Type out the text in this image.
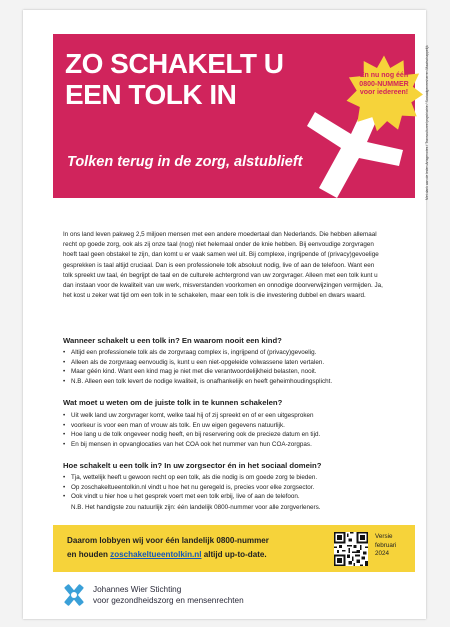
ZO SCHAKELT U
EEN TOLK IN
Tolken terug in de zorg, alstublieft
En nu nog één
0800-NUMMER
voor iedereen!	Met dank aan de leden Artsgenotes / Transcultureel psychiatrie / Sociaalgeneesherren Maatschappelijk

In ons land leven pakweg 2,5 miljoen mensen met een andere moedertaal dan Nederlands. Die hebben allemaal recht op goede zorg, ook als zij onze taal (nog) niet helemaal onder de knie hebben. Bij eenvoudige zorgvragen hoeft taal geen obstakel te zijn, dan komt u er vaak samen wel uit. Bij complexe, ingrijpende of (privacy)gevoelige gesprekken is taal altijd cruciaal. Dan is een professionele tolk absoluut nodig, live of aan de telefoon. Want een tolk spreekt uw taal, én begrijpt de taal en de culturele achtergrond van uw zorgvrager. Alleen met een tolk kunt u dan instaan voor de kwaliteit van uw werk, misverstanden voorkomen en onnodige doorverwijzingen vermijden. Ja, het kost u zeker wat tijd om een tolk in te schakelen, maar een tolk is die investering dubbel en dwars waard.

Wanneer schakelt u een tolk in? En waarom nooit een kind?
• Altijd een professionele tolk als de zorgvraag complex is, ingrijpend of (privacy)gevoelig.
• Alleen als de zorgvraag eenvoudig is, kunt u een niet-opgeleide volwassene laten vertalen.
• Maar géén kind. Want een kind mag je niet met die verantwoordelijkheid belasten, nooit.
• N.B. Alleen een tolk levert de nodige kwaliteit, is onafhankelijk en heeft geheimhoudingsplicht.
Wat moet u weten om de juiste tolk in te kunnen schakelen?
• Uit welk land uw zorgvrager komt, welke taal hij of zij spreekt en of er een uitgesproken
• voorkeur is voor een man of vrouw als tolk. En uw eigen gegevens natuurlijk.
• Hoe lang u de tolk ongeveer nodig heeft, en bij reservering ook de precieze datum en tijd.
• En bij mensen in opvanglocaties van het COA ook het nummer van hun COA-zorgpas.
Hoe schakelt u een tolk in? In uw zorgsector én in het sociaal domein?
• Tja, wettelijk heeft u gewoon recht op een tolk, als die nodig is om goede zorg te bieden.
• Op zoschakeltueentolkin.nl vindt u hoe het nu geregeld is, precies voor elke zorgsector.
• Ook vindt u hier hoe u het gesprek voert met een tolk erbij, live of aan de telefoon.
N.B. Het handigste zou natuurlijk zijn: één landelijk 0800-nummer voor alle zorgverleners.
Daarom lobbyen wij voor één landelijk 0800-nummer
en houden zoschakeltueentolkin.nl altijd up-to-date.
Versie
februari
2024
Johannes Wier Stichting
voor gezondheidszorg en mensenrechten
